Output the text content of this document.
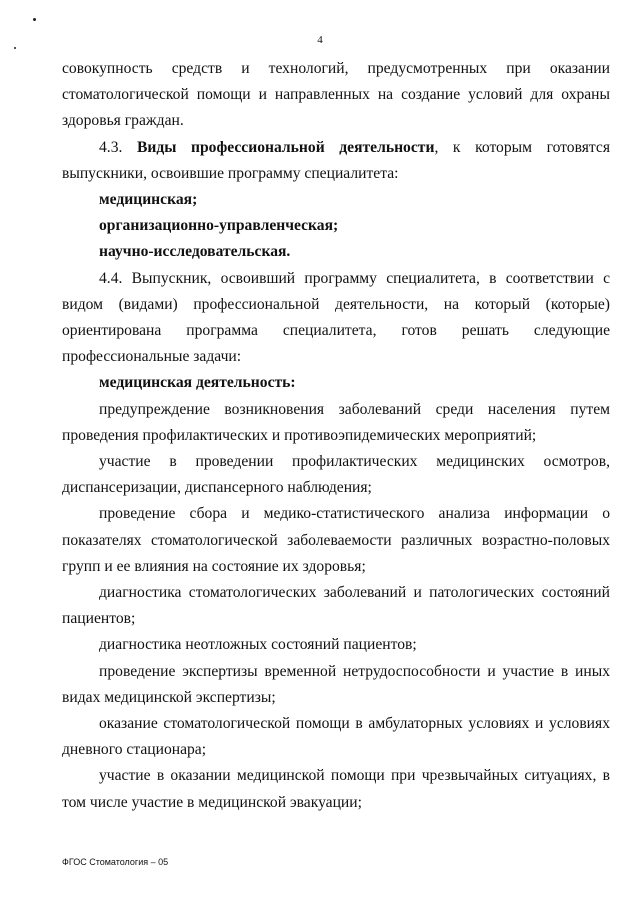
4

совокупность средств и технологий, предусмотренных при оказании стоматологической помощи и направленных на создание условий для охраны здоровья граждан.

4.3. Виды профессиональной деятельности, к которым готовятся выпускники, освоившие программу специалитета:

медицинская;

организационно-управленческая;

научно-исследовательская.

4.4. Выпускник, освоивший программу специалитета, в соответствии с видом (видами) профессиональной деятельности, на который (которые) ориентирована программа специалитета, готов решать следующие профессиональные задачи:

медицинская деятельность:

предупреждение возникновения заболеваний среди населения путем проведения профилактических и противоэпидемических мероприятий;

участие в проведении профилактических медицинских осмотров, диспансеризации, диспансерного наблюдения;

проведение сбора и медико-статистического анализа информации о показателях стоматологической заболеваемости различных возрастно-половых групп и ее влияния на состояние их здоровья;

диагностика стоматологических заболеваний и патологических состояний пациентов;

диагностика неотложных состояний пациентов;

проведение экспертизы временной нетрудоспособности и участие в иных видах медицинской экспертизы;

оказание стоматологической помощи в амбулаторных условиях и условиях дневного стационара;

участие в оказании медицинской помощи при чрезвычайных ситуациях, в том числе участие в медицинской эвакуации;

ФГОС Стоматология – 05
